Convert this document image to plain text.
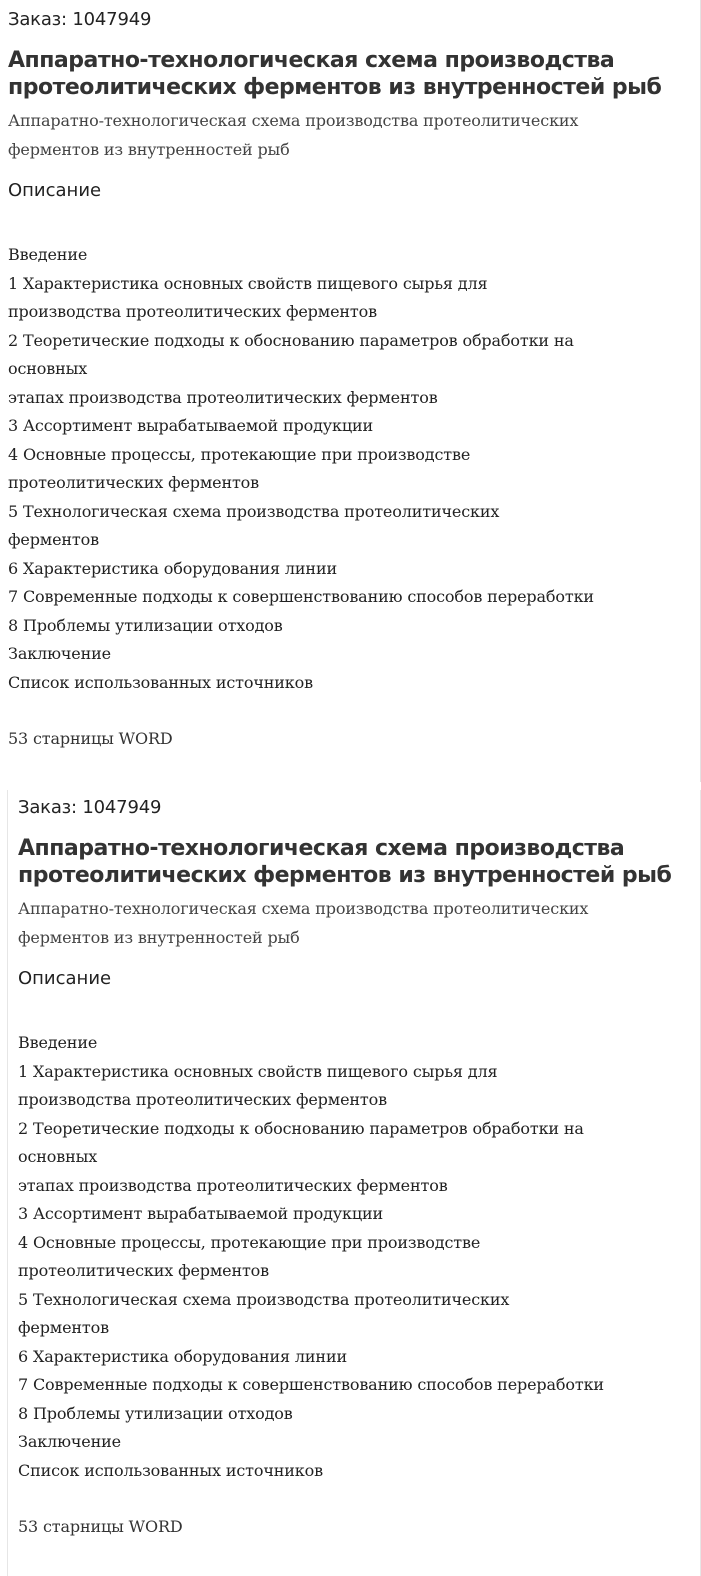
Заказ: 1047949
Аппаратно-технологическая схема производства
протеолитических ферментов из внутренностей рыб
Аппаратно-технологическая схема производства протеолитических
ферментов из внутренностей рыб
Описание
Введение
1 Характеристика основных свойств пищевого сырья для
производства протеолитических ферментов
2 Теоретические подходы к обоснованию параметров обработки на
основных
этапах производства протеолитических ферментов
3 Ассортимент вырабатываемой продукции
4 Основные процессы, протекающие при производстве
протеолитических ферментов
5 Технологическая схема производства протеолитических
ферментов
6 Характеристика оборудования линии
7 Современные подходы к совершенствованию способов переработки
8 Проблемы утилизации отходов
Заключение
Список использованных источников
53 старницы WORD
Заказ: 1047949
Аппаратно-технологическая схема производства
протеолитических ферментов из внутренностей рыб
Аппаратно-технологическая схема производства протеолитических
ферментов из внутренностей рыб
Описание
Введение
1 Характеристика основных свойств пищевого сырья для
производства протеолитических ферментов
2 Теоретические подходы к обоснованию параметров обработки на
основных
этапах производства протеолитических ферментов
3 Ассортимент вырабатываемой продукции
4 Основные процессы, протекающие при производстве
протеолитических ферментов
5 Технологическая схема производства протеолитических
ферментов
6 Характеристика оборудования линии
7 Современные подходы к совершенствованию способов переработки
8 Проблемы утилизации отходов
Заключение
Список использованных источников
53 старницы WORD
